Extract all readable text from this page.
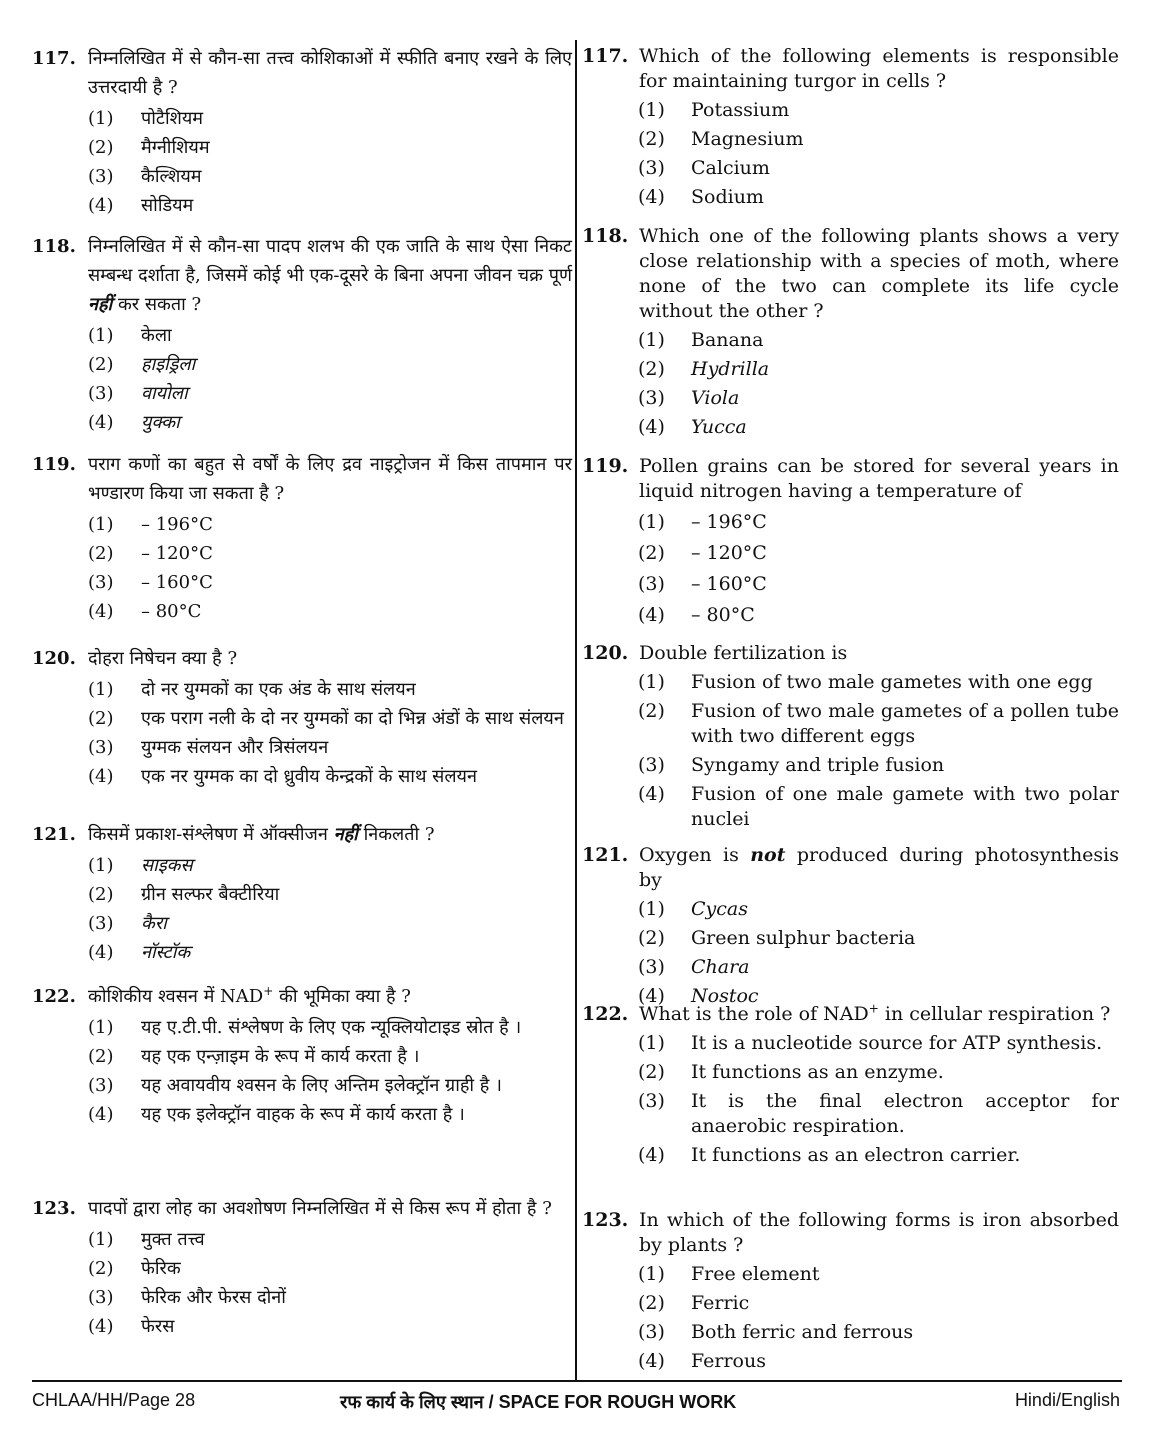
117. निम्नलिखित में से कौन-सा तत्त्व कोशिकाओं में स्फीति बनाए रखने के लिए उत्तरदायी है ?
(1)	पोटैशियम
(2)	मैग्नीशियम
(3)	कैल्शियम
(4)	सोडियम
118. निम्नलिखित में से कौन-सा पादप शलभ की एक जाति के साथ ऐसा निकट सम्बन्ध दर्शाता है, जिसमें कोई भी एक-दूसरे के बिना अपना जीवन चक्र पूर्ण नहीं कर सकता ?
(1)	केला
(2)	हाइड्रिला
(3)	वायोला
(4)	युक्का
119. पराग कणों का बहुत से वर्षों के लिए द्रव नाइट्रोजन में किस तापमान पर भण्डारण किया जा सकता है ?
(1)	– 196°C
(2)	– 120°C
(3)	– 160°C
(4)	– 80°C
120. दोहरा निषेचन क्या है ?
(1)	दो नर युग्मकों का एक अंड के साथ संलयन
(2)	एक पराग नली के दो नर युग्मकों का दो भिन्न अंडों के साथ संलयन
(3)	युग्मक संलयन और त्रिसंलयन
(4)	एक नर युग्मक का दो ध्रुवीय केन्द्रकों के साथ संलयन
121. किसमें प्रकाश-संश्लेषण में ऑक्सीजन नहीं निकलती ?
(1)	साइकस
(2)	ग्रीन सल्फर बैक्टीरिया
(3)	कैरा
(4)	नॉस्टॉक
122. कोशिकीय श्वसन में NAD+ की भूमिका क्या है ?
(1)	यह ए.टी.पी. संश्लेषण के लिए एक न्यूक्लियोटाइड स्रोत है ।
(2)	यह एक एन्ज़ाइम के रूप में कार्य करता है ।
(3)	यह अवायवीय श्वसन के लिए अन्तिम इलेक्ट्रॉन ग्राही है ।
(4)	यह एक इलेक्ट्रॉन वाहक के रूप में कार्य करता है ।
123. पादपों द्वारा लोह का अवशोषण निम्नलिखित में से किस रूप में होता है ?
(1)	मुक्त तत्त्व
(2)	फेरिक
(3)	फेरिक और फेरस दोनों
(4)	फेरस
117. Which of the following elements is responsible for maintaining turgor in cells ?
(1)	Potassium
(2)	Magnesium
(3)	Calcium
(4)	Sodium
118. Which one of the following plants shows a very close relationship with a species of moth, where none of the two can complete its life cycle without the other ?
(1)	Banana
(2)	Hydrilla
(3)	Viola
(4)	Yucca
119. Pollen grains can be stored for several years in liquid nitrogen having a temperature of
(1)	– 196°C
(2)	– 120°C
(3)	– 160°C
(4)	– 80°C
120. Double fertilization is
(1)	Fusion of two male gametes with one egg
(2)	Fusion of two male gametes of a pollen tube with two different eggs
(3)	Syngamy and triple fusion
(4)	Fusion of one male gamete with two polar nuclei
121. Oxygen is not produced during photosynthesis by
(1)	Cycas
(2)	Green sulphur bacteria
(3)	Chara
(4)	Nostoc
122. What is the role of NAD+ in cellular respiration ?
(1)	It is a nucleotide source for ATP synthesis.
(2)	It functions as an enzyme.
(3)	It is the final electron acceptor for anaerobic respiration.
(4)	It functions as an electron carrier.
123. In which of the following forms is iron absorbed by plants ?
(1)	Free element
(2)	Ferric
(3)	Both ferric and ferrous
(4)	Ferrous
CHLAA/HH/Page 28	रफ कार्य के लिए स्थान / SPACE FOR ROUGH WORK	Hindi/English
